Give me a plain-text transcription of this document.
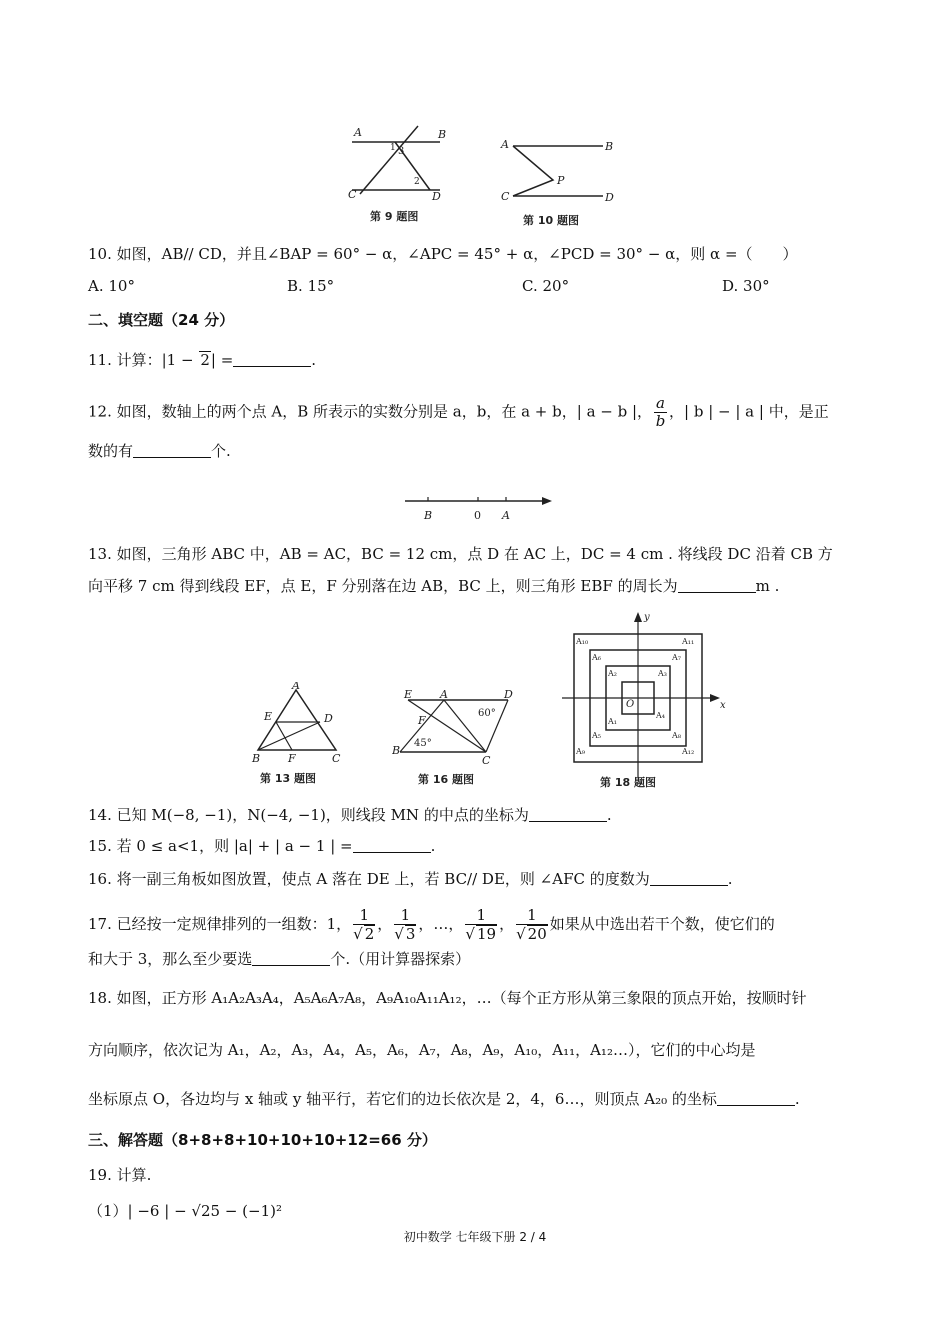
A	B
C	D
3
2
1
第 9 题图
A	B
C	D
P
第 10 题图
10. 如图，AB// CD，并且∠BAP = 60° − α，∠APC = 45° + α，∠PCD = 30° − α，则 α =（　　）
A. 10°	B. 15°	C. 20°	D. 30°
二、填空题（24 分）
11. 计算：|1 − 2| =	.
12. 如图，数轴上的两个点 A，B 所表示的实数分别是 a，b，在 a + b，| a − b |， $\frac{a}{b}$ ，| b | − | a | 中，是正
数的有	个.
B	0 A
13. 如图，三角形 ABC 中，AB = AC，BC = 12 cm，点 D 在 AC 上，DC = 4 cm . 将线段 DC 沿着 CB 方
向平移 7 cm 得到线段 EF，点 E，F 分别落在边 AB，BC 上，则三角形 EBF 的周长为	m .
A
E	D
B	F	C
第 13 题图
E	A	D
F
60°
45°
B
C
第 16 题图
x
y
O
A₁₀	A₁₁
A₆	A₇
A₂	A₃
A₄
A₁
A₅	A₈
A₉	A₁₂
第 18 题图
14. 已知 M(−8, −1)，N(−4, −1)，则线段 MN 的中点的坐标为	.
15. 若 0 ≤ a<1，则 |a| + | a − 1 | =	.
16. 将一副三角板如图放置，使点 A 落在 DE 上，若 BC// DE，则 ∠AFC 的度数为	.
17. 已经按一定规律排列的一组数：1， $\frac{1}{√ 2}$ ， $\frac{1}{√ 3}$ ，…， $\frac{1}{√ 19}$ ， $\frac{1}{√ 20}$ 如果从中选出若干个数，使它们的
和大于 3，那么至少要选	个.（用计算器探索）
18. 如图，正方形 A₁A₂A₃A₄，A₅A₆A₇A₈，A₉A₁₀A₁₁A₁₂，…（每个正方形从第三象限的顶点开始，按顺时针
方向顺序，依次记为 A₁，A₂，A₃，A₄，A₅，A₆，A₇，A₈，A₉，A₁₀，A₁₁，A₁₂…），它们的中心均是
坐标原点 O，各边均与 x 轴或 y 轴平行，若它们的边长依次是 2，4，6…，则顶点 A₂₀ 的坐标	.
三、解答题（8+8+8+10+10+10+12=66 分）
19. 计算.
（1）| −6 | − √25 − (−1)²
初中数学 七年级下册 2 / 4
